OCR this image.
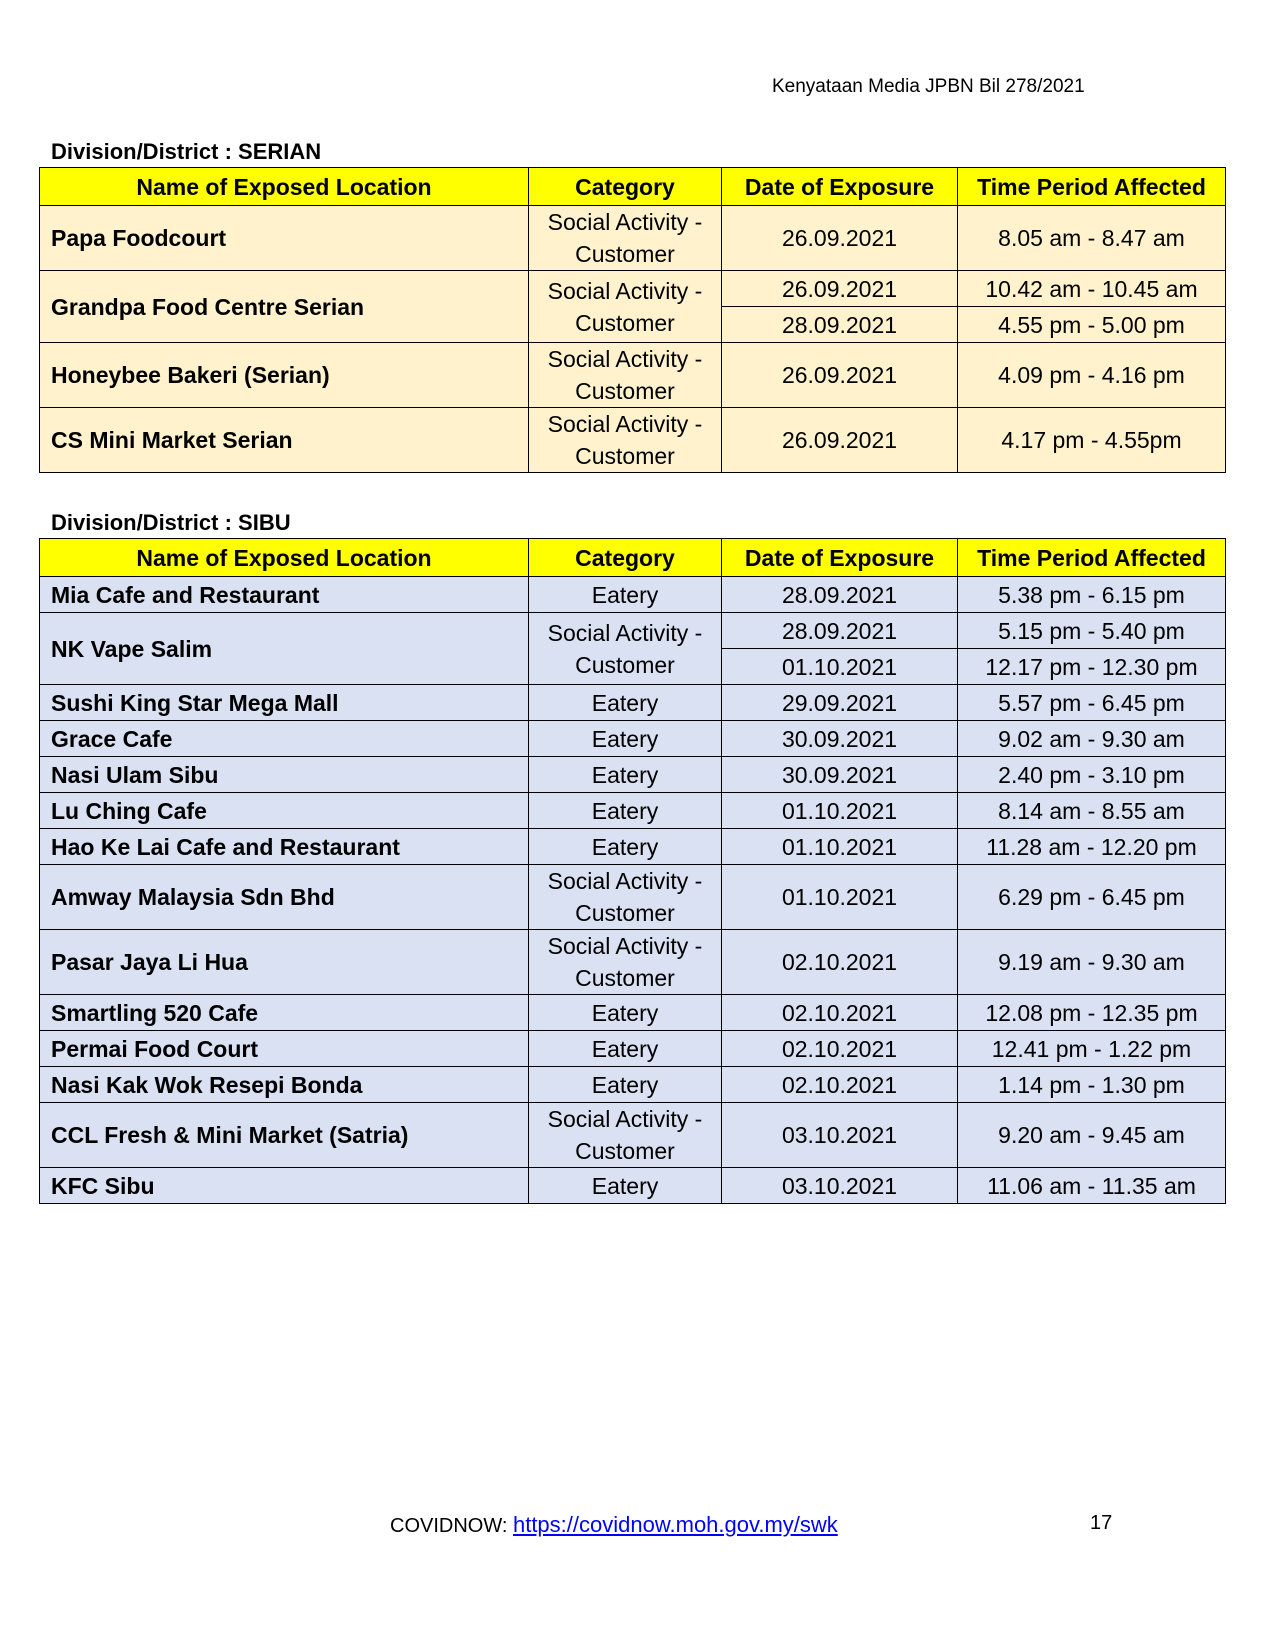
Kenyataan Media JPBN Bil 278/2021
Division/District : SERIAN
Name of Exposed Location	Category	Date of Exposure	Time Period Affected
Papa Foodcourt	Social Activity - Customer	26.09.2021	8.05 am - 8.47 am
Grandpa Food Centre Serian	Social Activity - Customer	26.09.2021	10.42 am - 10.45 am
		28.09.2021	4.55 pm - 5.00 pm
Honeybee Bakeri (Serian)	Social Activity - Customer	26.09.2021	4.09 pm - 4.16 pm
CS Mini Market Serian	Social Activity - Customer	26.09.2021	4.17 pm - 4.55pm
Division/District : SIBU
Name of Exposed Location	Category	Date of Exposure	Time Period Affected
Mia Cafe and Restaurant	Eatery	28.09.2021	5.38 pm - 6.15 pm
NK Vape Salim	Social Activity - Customer	28.09.2021	5.15 pm - 5.40 pm
		01.10.2021	12.17 pm - 12.30 pm
Sushi King Star Mega Mall	Eatery	29.09.2021	5.57 pm - 6.45 pm
Grace Cafe	Eatery	30.09.2021	9.02 am - 9.30 am
Nasi Ulam Sibu	Eatery	30.09.2021	2.40 pm - 3.10 pm
Lu Ching Cafe	Eatery	01.10.2021	8.14 am - 8.55 am
Hao Ke Lai Cafe and Restaurant	Eatery	01.10.2021	11.28 am - 12.20 pm
Amway Malaysia Sdn Bhd	Social Activity - Customer	01.10.2021	6.29 pm - 6.45 pm
Pasar Jaya Li Hua	Social Activity - Customer	02.10.2021	9.19 am - 9.30 am
Smartling 520 Cafe	Eatery	02.10.2021	12.08 pm - 12.35 pm
Permai Food Court	Eatery	02.10.2021	12.41 pm - 1.22 pm
Nasi Kak Wok Resepi Bonda	Eatery	02.10.2021	1.14 pm - 1.30 pm
CCL Fresh & Mini Market (Satria)	Social Activity - Customer	03.10.2021	9.20 am - 9.45 am
KFC Sibu	Eatery	03.10.2021	11.06 am - 11.35 am
COVIDNOW: https://covidnow.moh.gov.my/swk	17
